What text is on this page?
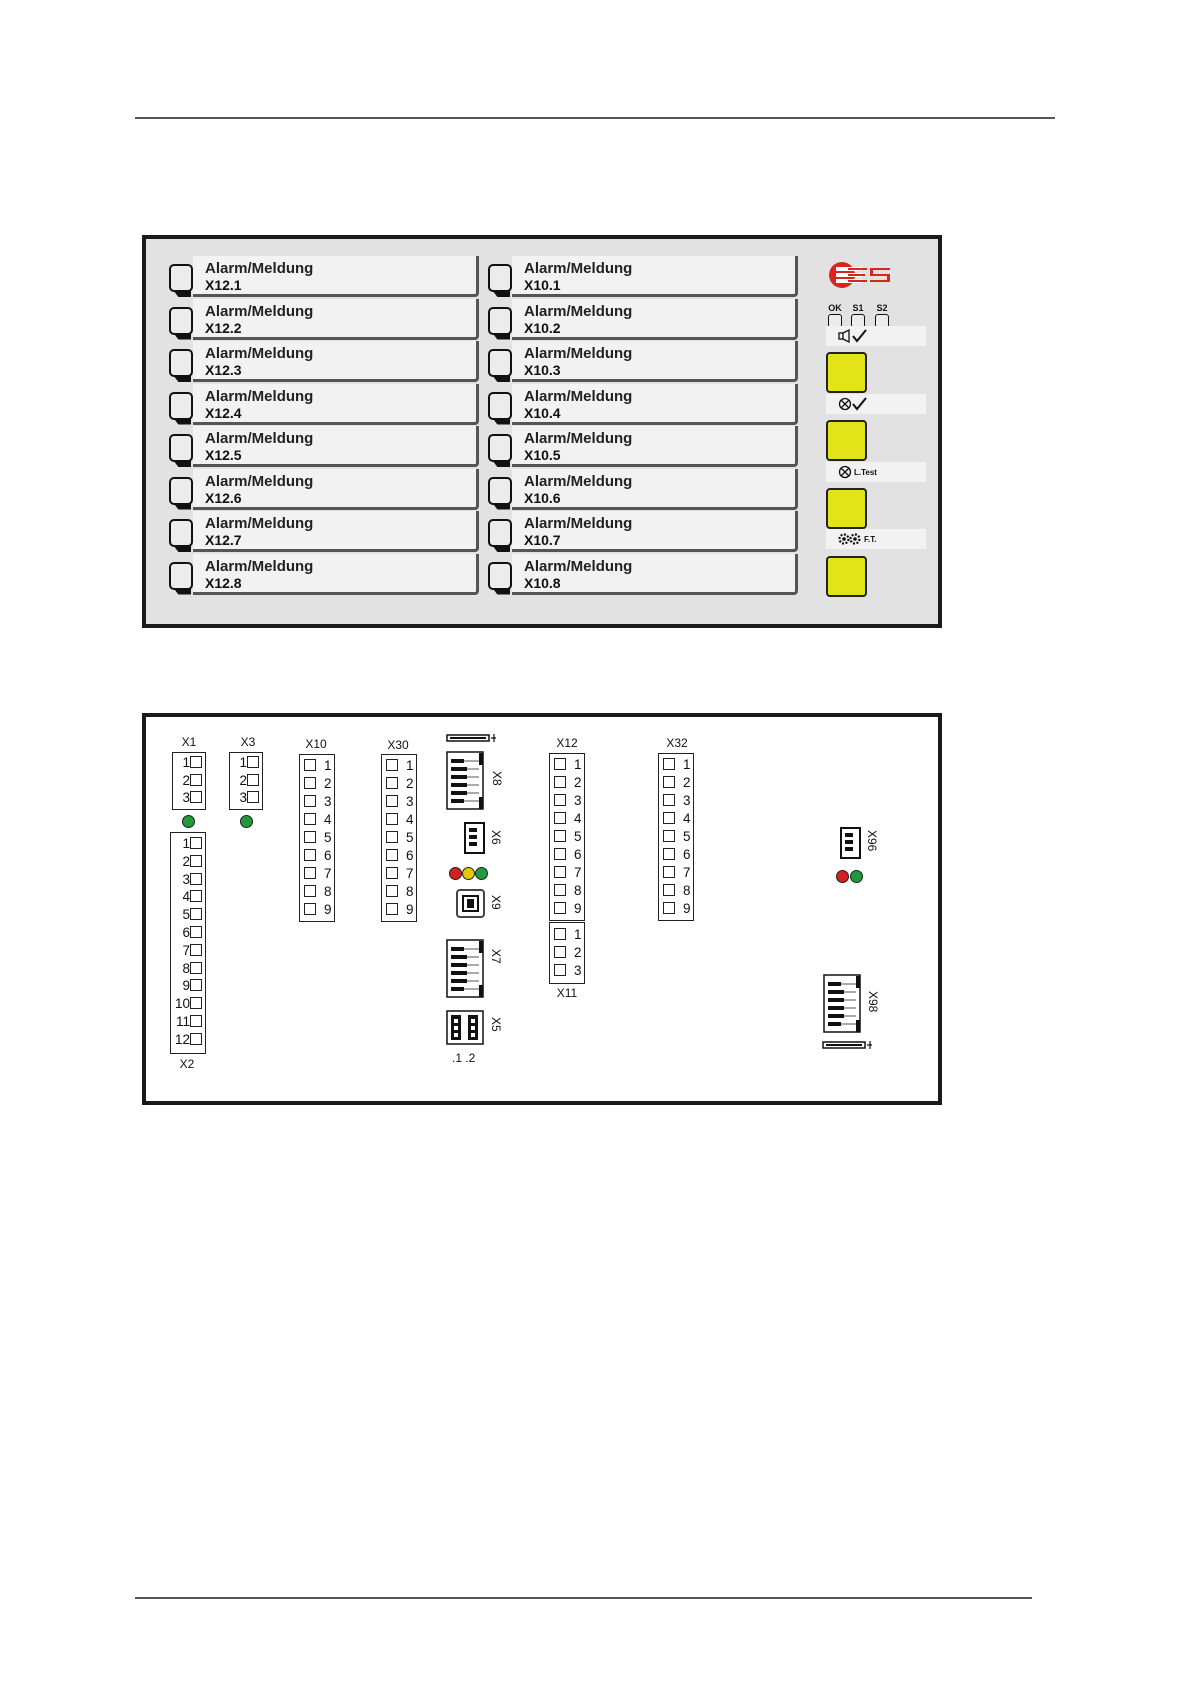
Alarm/Meldung
X12.1
Alarm/Meldung
X12.2
Alarm/Meldung
X12.3
Alarm/Meldung
X12.4
Alarm/Meldung
X12.5
Alarm/Meldung
X12.6
Alarm/Meldung
X12.7
Alarm/Meldung
X12.8
Alarm/Meldung
X10.1
Alarm/Meldung
X10.2
Alarm/Meldung
X10.3
Alarm/Meldung
X10.4
Alarm/Meldung
X10.5
Alarm/Meldung
X10.6
Alarm/Meldung
X10.7
Alarm/Meldung
X10.8
OK	S1	S2
L.Test
F.T.
X1
1
2
3
X3
1
2
3
1
2
3
4
5
6
7
8
9
10
11
12
X2
X10
1
2
3
4
5
6
7
8
9
X30
1
2
3
4
5
6
7
8
9
X8
X6
X9
X7
X5
.1 .2
X12
1
2
3
4
5
6
7
8
9
1
2
3
X11
X32
1
2
3
4
5
6
7
8
9
X96
X98
